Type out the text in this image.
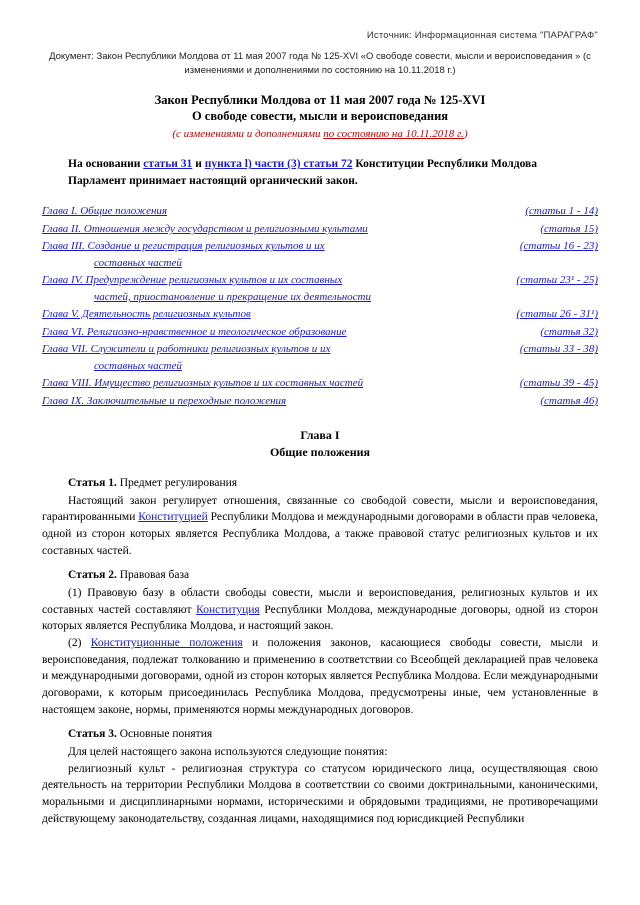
Источник: Информационная система "ПАРАГРАФ"
Документ: Закон Республики Молдова от 11 мая 2007 года № 125-XVI «О свободе совести, мысли и вероисповедания » (с изменениями и дополнениями по состоянию на 10.11.2018 г.)
Закон Республики Молдова от 11 мая 2007 года № 125-XVI
О свободе совести, мысли и вероисповедания
(с изменениями и дополнениями по состоянию на 10.11.2018 г.)

На основании статьи 31 и пункта l) части (3) статьи 72 Конституции Республики Молдова

Парламент принимает настоящий органический закон.

Глава I. Общие положения	(статьи 1 - 14)
Глава II. Отношения между государством и религиозными культами	(статья 15)
Глава III. Создание и регистрация религиозных культов и их
составных частей
(статьи 16 - 23)
Глава IV. Предупреждение религиозных культов и их составных
частей, приостановление и прекращение их деятельности
(статьи 23¹ - 25)
Глава V. Деятельность религиозных культов	(статьи 26 - 31¹)
Глава VI. Религиозно-нравственное и теологическое образование	(статья 32)
Глава VII. Служители и работники религиозных культов и их
составных частей
(статьи 33 - 38)
Глава VIII. Имущество религиозных культов и их составных частей	(статьи 39 - 45)
Глава IX. Заключительные и переходные положения	(статья 46)
Глава I
Общие положения

Статья 1. Предмет регулирования

Настоящий закон регулирует отношения, связанные со свободой совести, мысли и вероисповедания, гарантированными Конституцией Республики Молдова и международными договорами в области прав человека, одной из сторон которых является Республика Молдова, а также правовой статус религиозных культов и их составных частей.

Статья 2. Правовая база

(1) Правовую базу в области свободы совести, мысли и вероисповедания, религиозных культов и их составных частей составляют Конституция Республики Молдова, международные договоры, одной из сторон которых является Республика Молдова, и настоящий закон.

(2) Конституционные положения и положения законов, касающиеся свободы совести, мысли и вероисповедания, подлежат толкованию и применению в соответствии со Всеобщей декларацией прав человека и международными договорами, одной из сторон которых является Республика Молдова. Если международными договорами, к которым присоединилась Республика Молдова, предусмотрены иные, чем установленные в настоящем законе, нормы, применяются нормы международных договоров.

Статья 3. Основные понятия

Для целей настоящего закона используются следующие понятия:

религиозный культ - религиозная структура со статусом юридического лица, осуществляющая свою деятельность на территории Республики Молдова в соответствии со своими доктринальными, каноническими, моральными и дисциплинарными нормами, историческими и обрядовыми традициями, не противоречащими действующему законодательству, созданная лицами, находящимися под юрисдикцией Республики
